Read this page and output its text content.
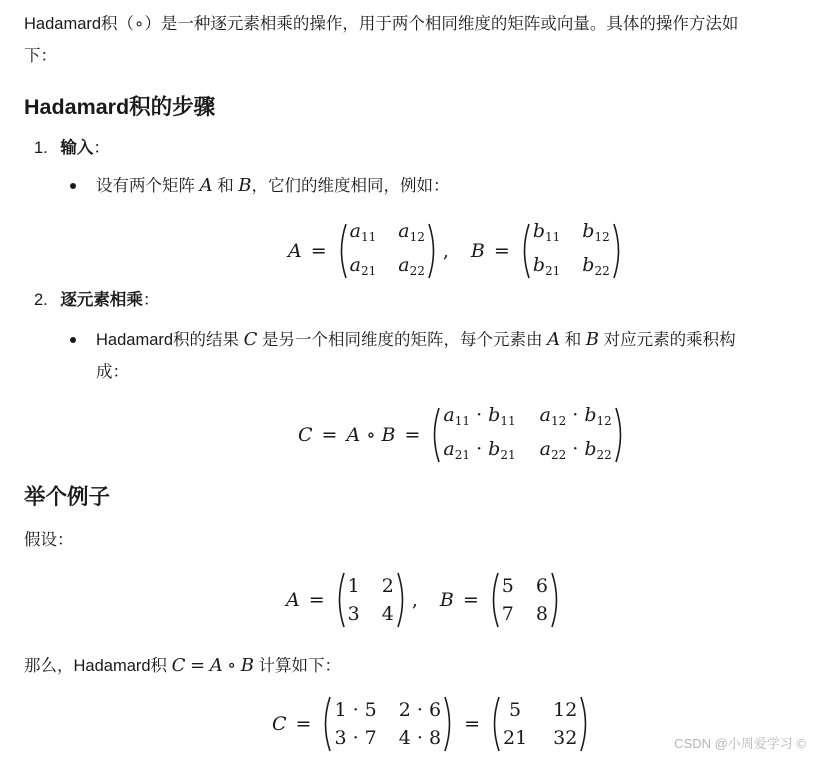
Hadamard积（∘）是一种逐元素相乘的操作，用于两个相同维度的矩阵或向量。具体的操作方法如
下：
Hadamard积的步骤
1. 输入：
设有两个矩阵 A 和 B，它们的维度相同，例如：
A =
$a_{11}$ $a_{12}$
$a_{21}$ $a_{22}$
, B =
$b_{11}$ $b_{12}$
$b_{21}$ $b_{22}$
2. 逐元素相乘：
Hadamard积的结果 C 是另一个相同维度的矩阵，每个元素由 A 和 B 对应元素的乘积构
成：
C = A ∘ B =
$a_{11} \cdot b_{11}$ $a_{12} \cdot b_{12}$
$a_{21} \cdot b_{21}$ $a_{22} \cdot b_{22}$
举个例子
假设：
A =
1 2
3 4
, B =
5 6
7 8
那么，Hadamard积 C = A ∘ B 计算如下：
C =
1 · 5 2 · 6
3 · 7 4 · 8
=
5	12
21 32	CSDN @小周爱学习 ©
